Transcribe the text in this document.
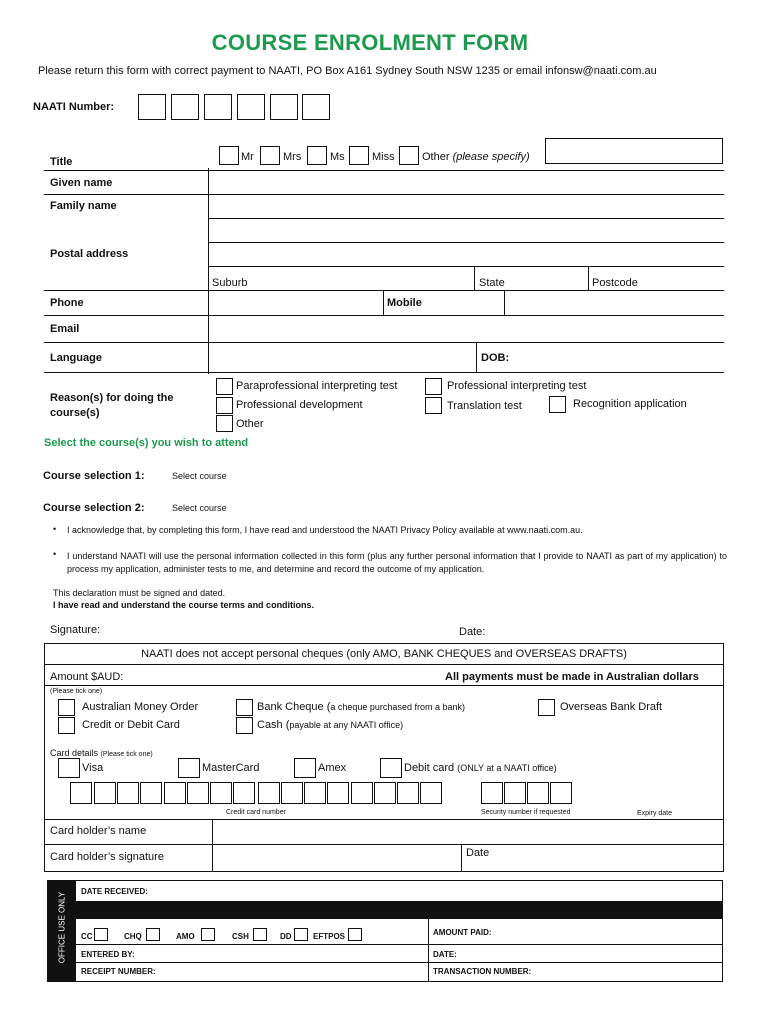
COURSE ENROLMENT FORM
Please return this form with correct payment to NAATI, PO Box A161 Sydney South NSW 1235 or email infonsw@naati.com.au
NAATI Number:
Title	Mr	Mrs	Ms Miss Other (please specify)
Given name
Family name
Postal address
Suburb	State	Postcode
Phone	Mobile
Email
Language	DOB:
Reason(s) for doing the course(s)
Paraprofessional interpreting test	Professional interpreting test
Professional development	Translation test	Recognition application
Other
Select the course(s) you wish to attend
Course selection 1:	Select course
Course selection 2:	Select course
• I acknowledge that, by completing this form, I have read and understood the NAATI Privacy Policy available at www.naati.com.au.
• I understand NAATI will use the personal information collected in this form (plus any further personal information that I provide to NAATI as part of my application) to process my application, administer tests to me, and determine and record the outcome of my application.
This declaration must be signed and dated.
I have read and understand the course terms and conditions.
Signature:	Date:
NAATI does not accept personal cheques (only AMO, BANK CHEQUES and OVERSEAS DRAFTS)
Amount $AUD:	All payments must be made in Australian dollars
(Please tick one)
Australian Money Order	Bank Cheque (a cheque purchased from a bank)	Overseas Bank Draft
Credit or Debit Card	Cash (payable at any NAATI office)
Card details (Please tick one)
Visa	MasterCard	Amex	Debit card (ONLY at a NAATI office)
Credit card number	Security number if requested	Expiry date
Card holder’s name
Card holder’s signature	Date
OFFICE USE ONLY
DATE RECEIVED:
CC	CHQ	AMO	CSH	DD	EFTPOS	AMOUNT PAID:
ENTERED BY:	DATE:
RECEIPT NUMBER:	TRANSACTION NUMBER:
